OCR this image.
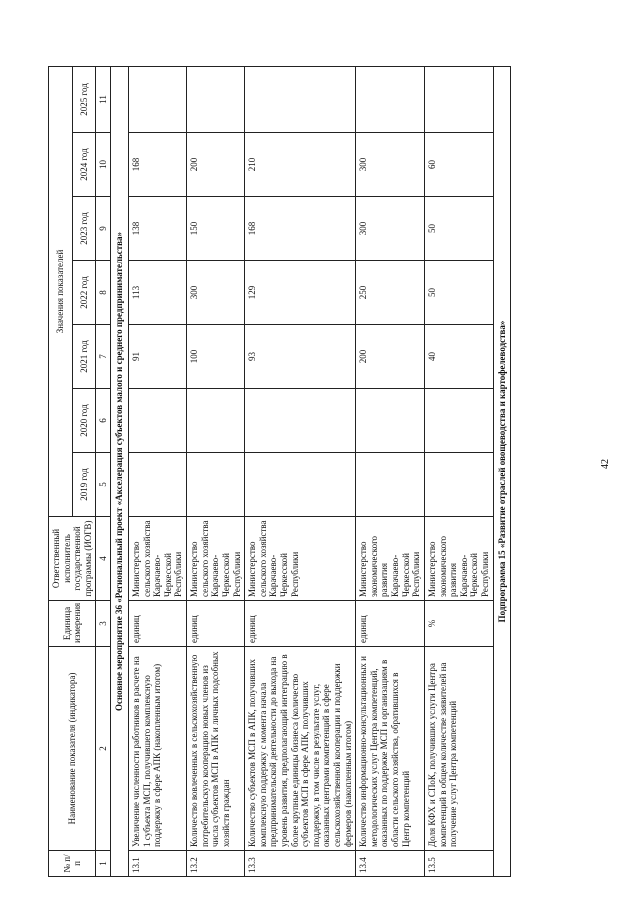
№ п/п	Наименование показателя (индикатора)	Единица измерения	Ответственный исполнитель государственной программы (ИОГВ)	Значения показателей						
				2019 год	2020 год	2021 год	2022 год	2023 год	2024 год	2025 год
1	2	3	4	5	6	7	8	9	10	11
Основное мероприятие 36 «Региональный проект «Акселерация субъектов малого и среднего предпринимательства»										
13.1	Увеличение численности работников в расчете на 1 субъекта МСП, получившего комплексную поддержку в сфере АПК (накопленным итогом)	единиц	Министерство сельского хозяйства Карачаево-Черкесской Республики			91	113	138	168	
13.2	Количество вовлеченных в сельскохозяйственную потребительскую кооперацию новых членов из числа субъектов МСП в АПК и личных подсобных хозяйств граждан	единиц	Министерство сельского хозяйства Карачаево-Черкесской Республики			100	300	150	200	
13.3	Количество субъектов МСП в АПК, получивших комплексную поддержку с момента начала предпринимательской деятельности до выхода на уровень развития, предполагающий интеграцию в более крупные единицы бизнеса (количество субъектов МСП в сфере АПК, получивших поддержку, в том числе в результате услуг, оказанных центрами компетенций в сфере сельскохозяйственной кооперации и поддержки фермеров (накопленным итогом)	единиц	Министерство сельского хозяйства Карачаево-Черкесской Республики			93	129	168	210	
13.4	Количество информационно-консультационных и методологических услуг Центра компетенций, оказанных по поддержке МСП и организациям в области сельского хозяйства, обратившихся в Центр компетенций	единиц	Министерство экономического развития Карачаево-Черкесской Республики			200	250	300	300	
13.5	Доля КФХ и СПоК, получивших услуги Центра компетенций в общем количестве заявителей на получение услуг Центра компетенций	%	Министерство экономического развития Карачаево-Черкесской Республики			40	50	50	60	
Подпрограмма 15 «Развитие отраслей овощеводства и картофелеводства»											42
